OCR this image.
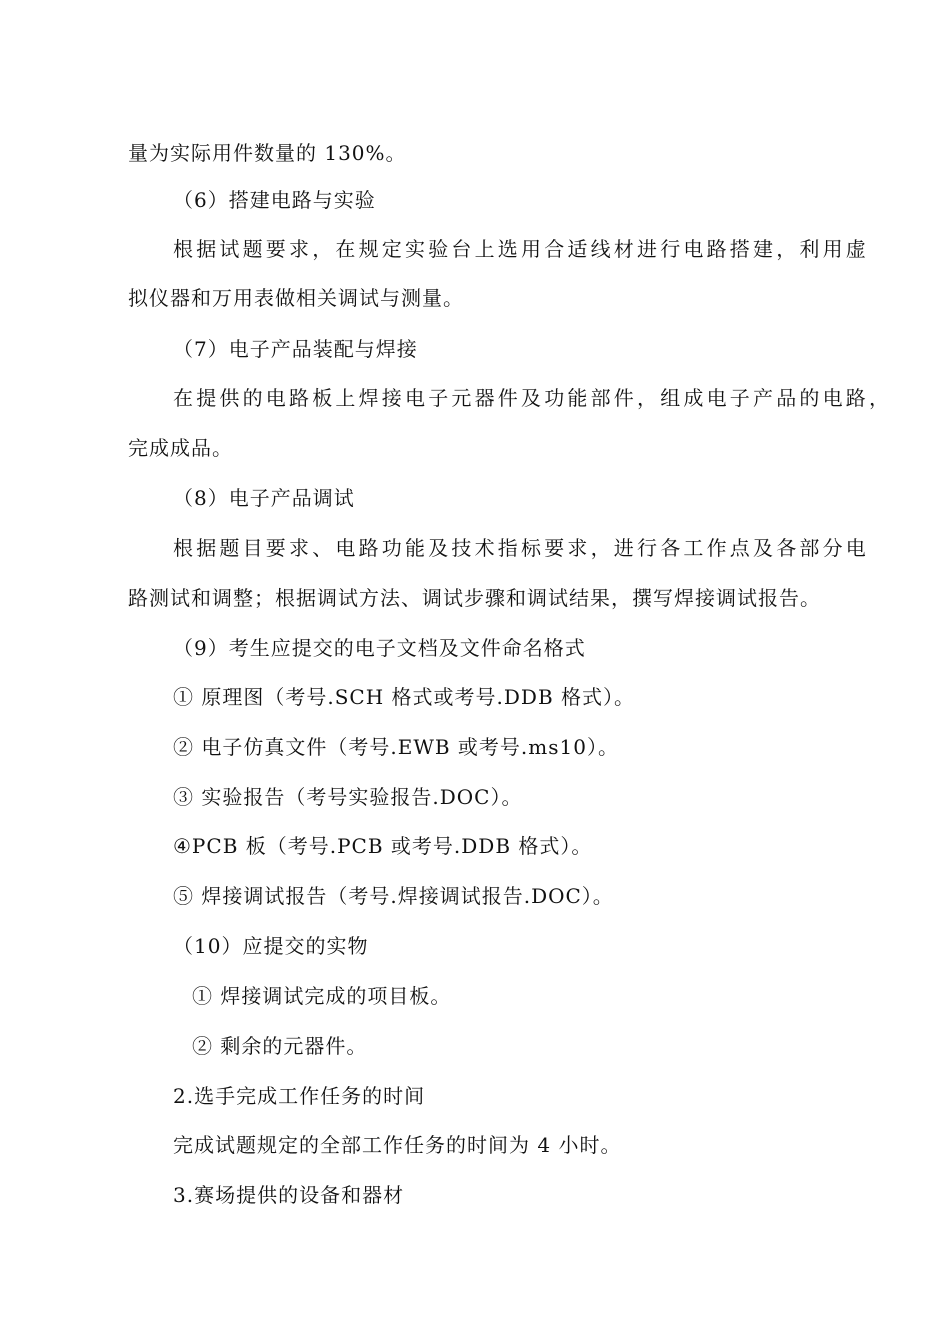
量为实际用件数量的 130%。
（6）搭建电路与实验
根据试题要求，在规定实验台上选用合适线材进行电路搭建，利用虚
拟仪器和万用表做相关调试与测量。
（7）电子产品装配与焊接
在提供的电路板上焊接电子元器件及功能部件，组成电子产品的电路，
完成成品。
（8）电子产品调试
根据题目要求、电路功能及技术指标要求，进行各工作点及各部分电
路测试和调整；根据调试方法、调试步骤和调试结果，撰写焊接调试报告。
（9）考生应提交的电子文档及文件命名格式
① 原理图（考号.SCH 格式或考号.DDB 格式）。
② 电子仿真文件（考号.EWB 或考号.ms10）。
③ 实验报告（考号实验报告.DOC）。
④PCB 板（考号.PCB 或考号.DDB 格式）。
⑤ 焊接调试报告（考号.焊接调试报告.DOC）。
（10）应提交的实物
① 焊接调试完成的项目板。
② 剩余的元器件。
2.选手完成工作任务的时间
完成试题规定的全部工作任务的时间为 4 小时。
3.赛场提供的设备和器材
